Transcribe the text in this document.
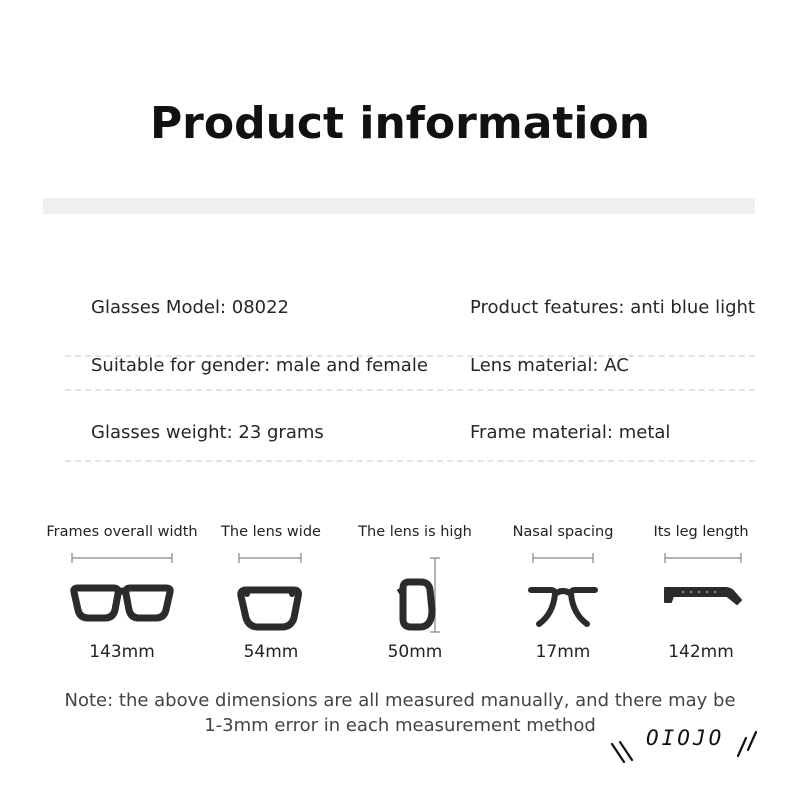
Product information
Glasses Model: 08022	Product features: anti blue light
Suitable for gender: male and female Lens material: AC
Glasses weight: 23 grams	Frame material: metal
Frames overall width
143mm
The lens wide
54mm
The lens is high
50mm
Nasal spacing
17mm
Its leg length
142mm
Note: the above dimensions are all measured manually, and there may be
1-3mm error in each measurement method
OIOJO
